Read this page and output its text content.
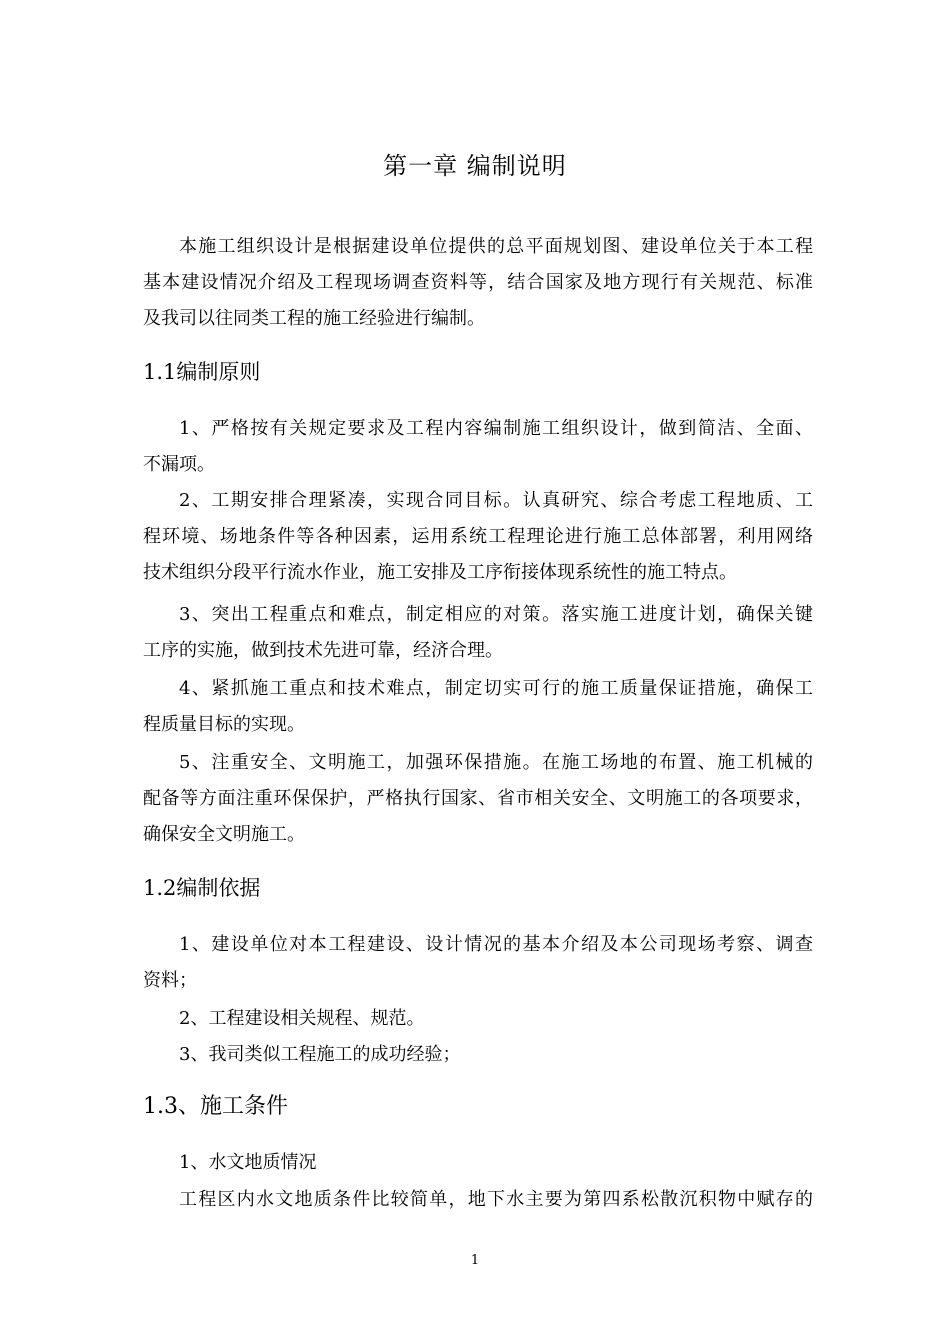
第一章 编制说明
本施工组织设计是根据建设单位提供的总平面规划图、建设单位关于本工程
基本建设情况介绍及工程现场调查资料等，结合国家及地方现行有关规范、标准
及我司以往同类工程的施工经验进行编制。
1.1编制原则
1、严格按有关规定要求及工程内容编制施工组织设计，做到简洁、全面、
不漏项。
2、工期安排合理紧凑，实现合同目标。认真研究、综合考虑工程地质、工
程环境、场地条件等各种因素，运用系统工程理论进行施工总体部署，利用网络
技术组织分段平行流水作业，施工安排及工序衔接体现系统性的施工特点。
3、突出工程重点和难点，制定相应的对策。落实施工进度计划，确保关键
工序的实施，做到技术先进可靠，经济合理。
4、紧抓施工重点和技术难点，制定切实可行的施工质量保证措施，确保工
程质量目标的实现。
5、注重安全、文明施工，加强环保措施。在施工场地的布置、施工机械的
配备等方面注重环保保护，严格执行国家、省市相关安全、文明施工的各项要求，
确保安全文明施工。
1.2编制依据
1、建设单位对本工程建设、设计情况的基本介绍及本公司现场考察、调查
资料；
2、工程建设相关规程、规范。
3、我司类似工程施工的成功经验；
1.3、施工条件
1、水文地质情况
工程区内水文地质条件比较简单，地下水主要为第四系松散沉积物中赋存的
1
